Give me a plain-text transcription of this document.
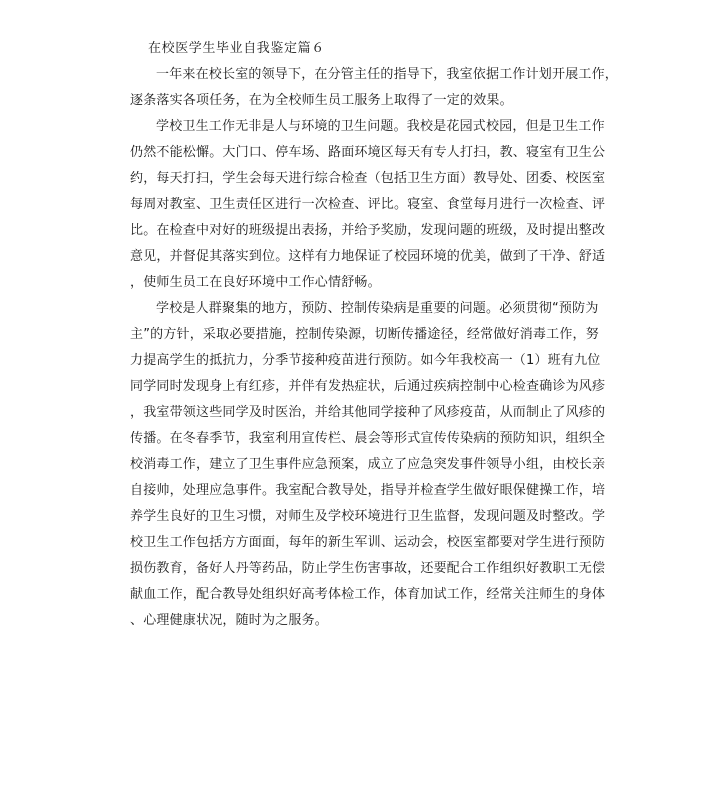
在校医学生毕业自我鉴定篇６
一年来在校长室的领导下，在分管主任的指导下，我室依据工作计划开展工作，
逐条落实各项任务，在为全校师生员工服务上取得了一定的效果。
学校卫生工作无非是人与环境的卫生问题。我校是花园式校园，但是卫生工作
仍然不能松懈。大门口、停车场、路面环境区每天有专人打扫，教、寝室有卫生公
约，每天打扫，学生会每天进行综合检查（包括卫生方面）教导处、团委、校医室
每周对教室、卫生责任区进行一次检查、评比。寝室、食堂每月进行一次检查、评
比。在检查中对好的班级提出表扬，并给予奖励，发现问题的班级，及时提出整改
意见，并督促其落实到位。这样有力地保证了校园环境的优美，做到了干净、舒适
，使师生员工在良好环境中工作心情舒畅。
学校是人群聚集的地方，预防、控制传染病是重要的问题。必须贯彻“预防为
主”的方针，采取必要措施，控制传染源，切断传播途径，经常做好消毒工作，努
力提高学生的抵抗力，分季节接种疫苗进行预防。如今年我校高一（1）班有九位
同学同时发现身上有红疹，并伴有发热症状，后通过疾病控制中心检查确诊为风疹
，我室带领这些同学及时医治，并给其他同学接种了风疹疫苗，从而制止了风疹的
传播。在冬春季节，我室利用宣传栏、晨会等形式宣传传染病的预防知识，组织全
校消毒工作，建立了卫生事件应急预案，成立了应急突发事件领导小组，由校长亲
自接帅，处理应急事件。我室配合教导处，指导并检查学生做好眼保健操工作，培
养学生良好的卫生习惯，对师生及学校环境进行卫生监督，发现问题及时整改。学
校卫生工作包括方方面面，每年的新生军训、运动会，校医室都要对学生进行预防
损伤教育，备好人丹等药品，防止学生伤害事故，还要配合工作组织好教职工无偿
献血工作，配合教导处组织好高考体检工作，体育加试工作，经常关注师生的身体
、心理健康状况，随时为之服务。
